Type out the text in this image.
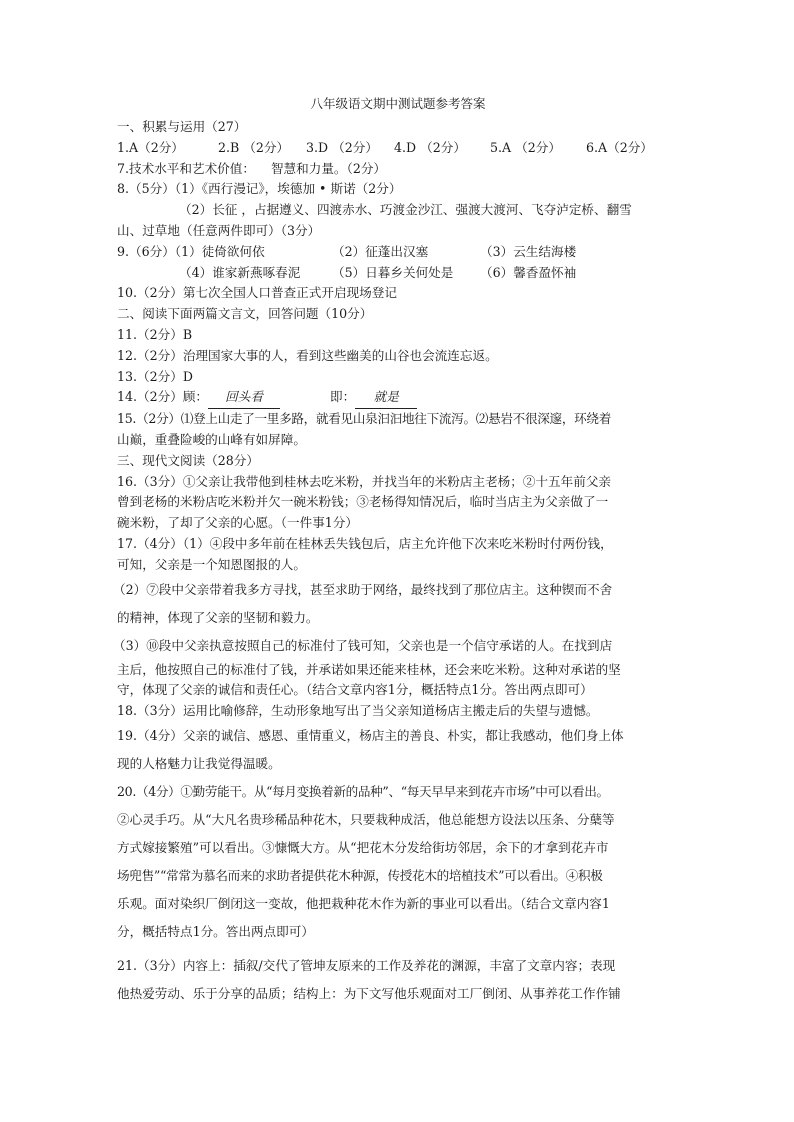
八年级语文期中测试题参考答案

一、积累与运用（27）

1.A（2分）	2.B （2分）	3.D （2分）	4.D （2分）	5.A （2分）	6.A（2分）

7.技术水平和艺术价值：    智慧和力量。（2分）

8.（5分）（1）《西行漫记》，埃德加 • 斯诺（2分）

（2）长征 ，占据遵义、四渡赤水、巧渡金沙江、强渡大渡河、飞夺泸定桥、翻雪

山、过草地（任意两件即可）（3分）

9.（6分）（1）徒倚欲何依	（2）征蓬出汉塞	（3）云生结海楼
（4）谁家新燕啄春泥	（5）日暮乡关何处是	（6）馨香盈怀袖

10.（2分）第七次全国人口普查正式开启现场登记

二、阅读下面两篇文言文，回答问题（10分）

11.（2分）B

12.（2分）治理国家大事的人，看到这些幽美的山谷也会流连忘返。

13.（2分）D

14.（2分）顾： 回头看	即： 就是

15.（2分）⑴登上山走了一里多路，就看见山泉汩汩地往下流泻。⑵悬岩不很深邃，环绕着

山巅，重叠险峻的山峰有如屏障。

三、现代文阅读（28分）

16.（3分）①父亲让我带他到桂林去吃米粉，并找当年的米粉店主老杨；②十五年前父亲

曾到老杨的米粉店吃米粉并欠一碗米粉钱；③老杨得知情况后，临时当店主为父亲做了一

碗米粉，了却了父亲的心愿。（一件事1分）

17.（4分）（1）④段中多年前在桂林丢失钱包后，店主允许他下次来吃米粉时付两份钱，

可知，父亲是一个知恩图报的人。

（2）⑦段中父亲带着我多方寻找，甚至求助于网络，最终找到了那位店主。这种锲而不舍

的精神，体现了父亲的坚韧和毅力。

（3）⑩段中父亲执意按照自己的标准付了钱可知，父亲也是一个信守承诺的人。在找到店

主后，他按照自己的标准付了钱，并承诺如果还能来桂林，还会来吃米粉。这种对承诺的坚

守，体现了父亲的诚信和责任心。（结合文章内容1分，概括特点1分。答出两点即可）

18.（3分）运用比喻修辞，生动形象地写出了当父亲知道杨店主搬走后的失望与遗憾。

19.（4分）父亲的诚信、感恩、重情重义，杨店主的善良、朴实，都让我感动，他们身上体

现的人格魅力让我觉得温暖。

20.（4分）①勤劳能干。从“每月变换着新的品种”、“每天早早来到花卉市场”中可以看出。

②心灵手巧。从“大凡名贵珍稀品种花木，只要栽种成活，他总能想方设法以压条、分蘖等

方式嫁接繁殖”可以看出。③慷慨大方。从“把花木分发给街坊邻居，余下的才拿到花卉市

场兜售”“常常为慕名而来的求助者提供花木种源，传授花木的培植技术”可以看出。④积极

乐观。面对染织厂倒闭这一变故，他把栽种花木作为新的事业可以看出。（结合文章内容1

分，概括特点1分。答出两点即可）

21.（3分）内容上：插叙/交代了管坤友原来的工作及养花的渊源，丰富了文章内容；表现

他热爱劳动、乐于分享的品质；结构上：为下文写他乐观面对工厂倒闭、从事养花工作作铺
